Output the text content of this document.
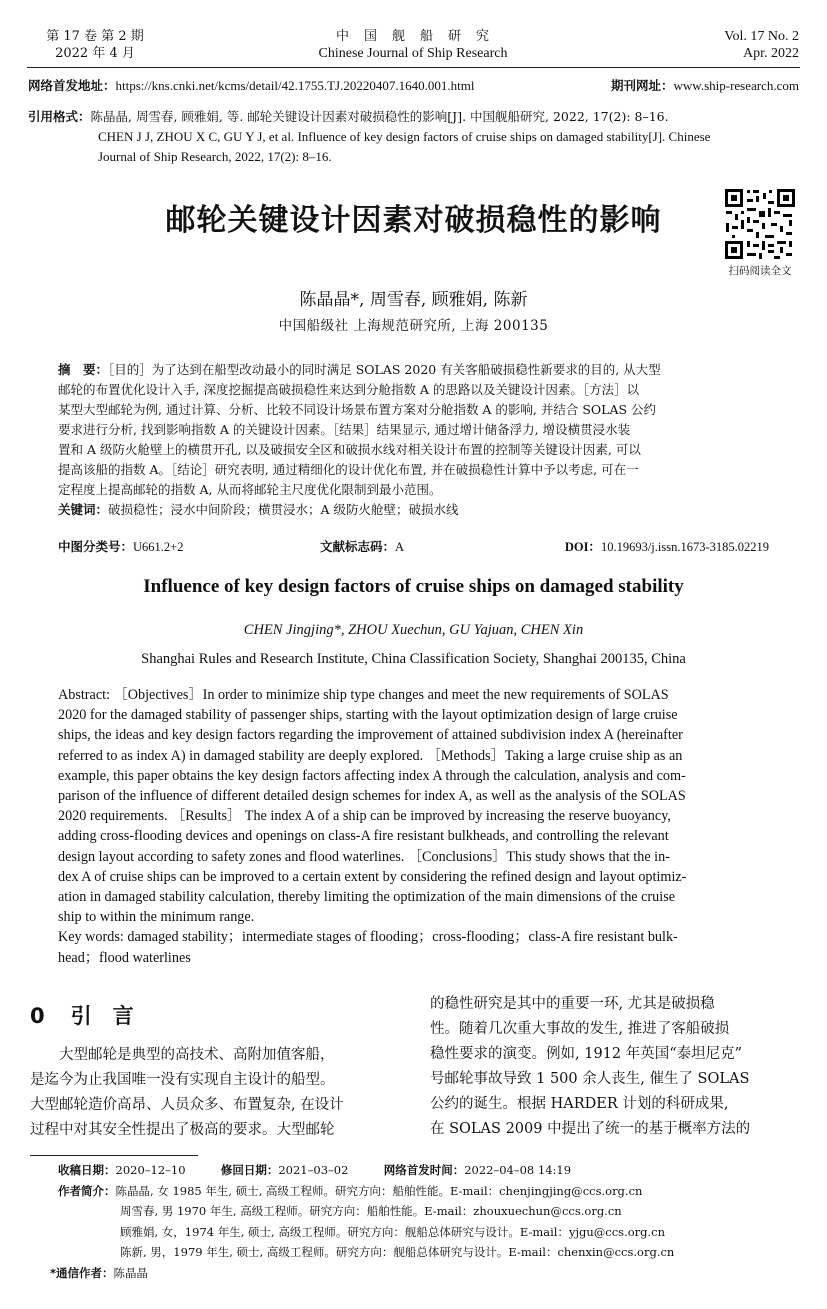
第 17 卷 第 2 期
2022 年 4 月
中　国　舰　船　研　究
Chinese Journal of Ship Research
Vol. 17 No. 2
Apr. 2022
网络首发地址：https://kns.cnki.net/kcms/detail/42.1755.TJ.20220407.1640.001.html	期刊网址：www.ship-research.com
引用格式：陈晶晶, 周雪春, 顾雅娟, 等. 邮轮关键设计因素对破损稳性的影响[J]. 中国舰船研究, 2022, 17(2): 8–16.
CHEN J J, ZHOU X C, GU Y J, et al. Influence of key design factors of cruise ships on damaged stability[J]. Chinese
Journal of Ship Research, 2022, 17(2): 8–16.
邮轮关键设计因素对破损稳性的影响
扫码阅读全文
陈晶晶*, 周雪春, 顾雅娟, 陈新
中国船级社 上海规范研究所, 上海 200135
摘　要：［目的］为了达到在船型改动最小的同时满足 SOLAS 2020 有关客船破损稳性新要求的目的, 从大型
邮轮的布置优化设计入手, 深度挖掘提高破损稳性来达到分舱指数 A 的思路以及关键设计因素。［方法］以
某型大型邮轮为例, 通过计算、分析、比较不同设计场景布置方案对分舱指数 A 的影响, 并结合 SOLAS 公约
要求进行分析, 找到影响指数 A 的关键设计因素。［结果］结果显示, 通过增计储备浮力, 增设横贯浸水装
置和 A 级防火舱壁上的横贯开孔, 以及破损安全区和破损水线对相关设计布置的控制等关键设计因素, 可以
提高该船的指数 A。［结论］研究表明, 通过精细化的设计优化布置, 并在破损稳性计算中予以考虑, 可在一
定程度上提高邮轮的指数 A, 从而将邮轮主尺度优化限制到最小范围。
关键词：破损稳性；浸水中间阶段；横贯浸水；A 级防火舱壁；破损水线
中图分类号：U661.2+2	文献标志码：A	DOI：10.19693/j.issn.1673-3185.02219
Influence of key design factors of cruise ships on damaged stability
CHEN Jingjing*, ZHOU Xuechun, GU Yajuan, CHEN Xin
Shanghai Rules and Research Institute, China Classification Society, Shanghai 200135, China
Abstract: ［Objectives］In order to minimize ship type changes and meet the new requirements of SOLAS
2020 for the damaged stability of passenger ships, starting with the layout optimization design of large cruise
ships, the ideas and key design factors regarding the improvement of attained subdivision index A (hereinafter
referred to as index A) in damaged stability are deeply explored. ［Methods］Taking a large cruise ship as an
example, this paper obtains the key design factors affecting index A through the calculation, analysis and com-
parison of the influence of different detailed design schemes for index A, as well as the analysis of the SOLAS
2020 requirements. ［Results］ The index A of a ship can be improved by increasing the reserve buoyancy,
adding cross-flooding devices and openings on class-A fire resistant bulkheads, and controlling the relevant
design layout according to safety zones and flood waterlines. ［Conclusions］This study shows that the in-
dex A of cruise ships can be improved to a certain extent by considering the refined design and layout optimiz-
ation in damaged stability calculation, thereby limiting the optimization of the main dimensions of the cruise
ship to within the minimum range.
Key words: damaged stability；intermediate stages of flooding；cross-flooding；class-A fire resistant bulk-
head；flood waterlines
0 引　言
　　大型邮轮是典型的高技术、高附加值客船，
是迄今为止我国唯一没有实现自主设计的船型。
大型邮轮造价高昂、人员众多、布置复杂, 在设计
过程中对其安全性提出了极高的要求。大型邮轮
的稳性研究是其中的重要一环, 尤其是破损稳
性。随着几次重大事故的发生, 推进了客船破损
稳性要求的演变。例如, 1912 年英国“泰坦尼克”
号邮轮事故导致 1 500 余人丧生, 催生了 SOLAS
公约的诞生。根据 HARDER 计划的科研成果,
在 SOLAS 2009 中提出了统一的基于概率方法的
收稿日期：2020–12–10	修回日期：2021–03–02	网络首发时间：2022–04–08 14:19
作者简介：陈晶晶, 女 1985 年生, 硕士, 高级工程师。研究方向：船舶性能。E-mail：chenjingjing@ccs.org.cn
周雪春, 男 1970 年生, 高级工程师。研究方向：船舶性能。E-mail：zhouxuechun@ccs.org.cn
顾雅娟, 女，1974 年生, 硕士, 高级工程师。研究方向：舰船总体研究与设计。E-mail：yjgu@ccs.org.cn
陈新, 男，1979 年生, 硕士, 高级工程师。研究方向：舰船总体研究与设计。E-mail：chenxin@ccs.org.cn
*通信作者：陈晶晶
